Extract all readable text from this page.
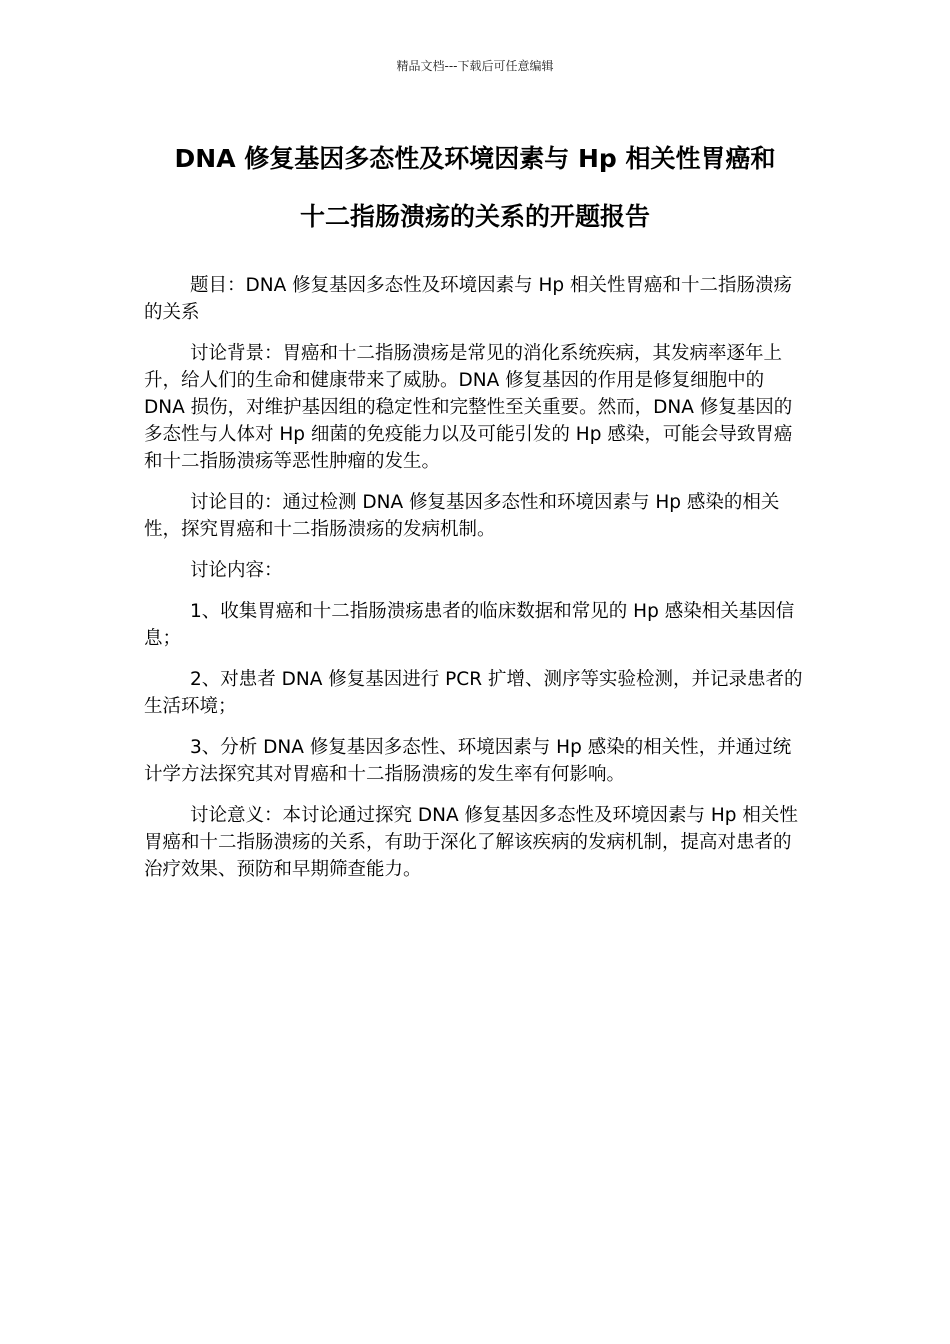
精品文档---下载后可任意编辑
DNA 修复基因多态性及环境因素与 Hp 相关性胃癌和
十二指肠溃疡的关系的开题报告

题目：DNA 修复基因多态性及环境因素与 Hp 相关性胃癌和十二指肠溃疡的关系

讨论背景：胃癌和十二指肠溃疡是常见的消化系统疾病，其发病率逐年上升，给人们的生命和健康带来了威胁。DNA 修复基因的作用是修复细胞中的 DNA 损伤，对维护基因组的稳定性和完整性至关重要。然而，DNA 修复基因的多态性与人体对 Hp 细菌的免疫能力以及可能引发的 Hp 感染，可能会导致胃癌和十二指肠溃疡等恶性肿瘤的发生。

讨论目的：通过检测 DNA 修复基因多态性和环境因素与 Hp 感染的相关性，探究胃癌和十二指肠溃疡的发病机制。

讨论内容：

1、收集胃癌和十二指肠溃疡患者的临床数据和常见的 Hp 感染相关基因信息；

2、对患者 DNA 修复基因进行 PCR 扩增、测序等实验检测，并记录患者的生活环境；

3、分析 DNA 修复基因多态性、环境因素与 Hp 感染的相关性，并通过统计学方法探究其对胃癌和十二指肠溃疡的发生率有何影响。

讨论意义：本讨论通过探究 DNA 修复基因多态性及环境因素与 Hp 相关性胃癌和十二指肠溃疡的关系，有助于深化了解该疾病的发病机制，提高对患者的治疗效果、预防和早期筛查能力。
